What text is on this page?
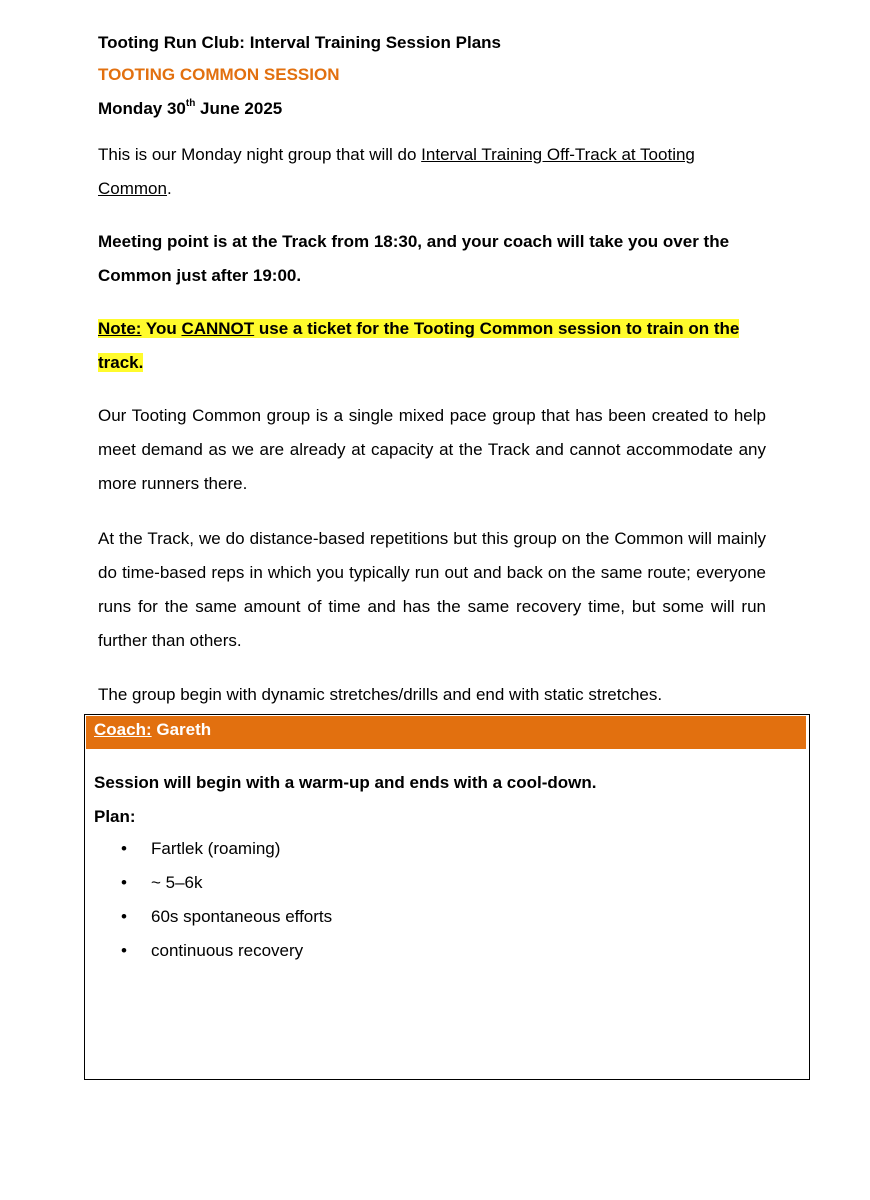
Tooting Run Club: Interval Training Session Plans
TOOTING COMMON SESSION
Monday 30th June 2025

This is our Monday night group that will do Interval Training Off-Track at Tooting Common.

Meeting point is at the Track from 18:30, and your coach will take you over the Common just after 19:00.

Note: You CANNOT use a ticket for the Tooting Common session to train on the track.

Our Tooting Common group is a single mixed pace group that has been created to help meet demand as we are already at capacity at the Track and cannot accommodate any more runners there.

At the Track, we do distance-based repetitions but this group on the Common will mainly do time-based reps in which you typically run out and back on the same route; everyone runs for the same amount of time and has the same recovery time, but some will run further than others.

The group begin with dynamic stretches/drills and end with static stretches.

Coach: Gareth
Session will begin with a warm-up and ends with a cool-down.
Plan:
• Fartlek (roaming)
• ~ 5–6k
• 60s spontaneous efforts
• continuous recovery
